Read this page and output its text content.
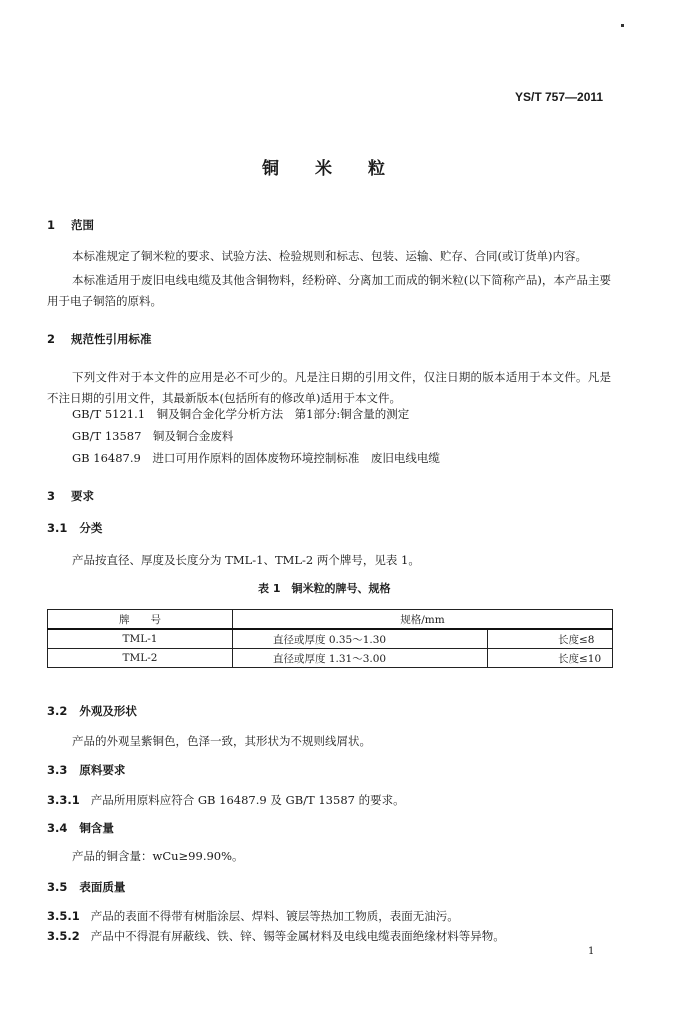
YS/T 757—2011
铜 米 粒
1 范围
本标准规定了铜米粒的要求、试验方法、检验规则和标志、包装、运输、贮存、合同(或订货单)内容。
本标准适用于废旧电线电缆及其他含铜物料，经粉碎、分离加工而成的铜米粒(以下简称产品)，本产品主要用于电子铜箔的原料。
2 规范性引用标准
下列文件对于本文件的应用是必不可少的。凡是注日期的引用文件，仅注日期的版本适用于本文件。凡是不注日期的引用文件，其最新版本(包括所有的修改单)适用于本文件。
GB/T 5121.1　铜及铜合金化学分析方法　第1部分:铜含量的测定
GB/T 13587　铜及铜合金废料
GB 16487.9　进口可用作原料的固体废物环境控制标准　废旧电线电缆
3 要求
3.1 分类
产品按直径、厚度及长度分为 TML-1、TML-2 两个牌号，见表 1。
表 1　铜米粒的牌号、规格
牌　　号	规格/mm	
TML-1	直径或厚度 0.35～1.30	长度≤8
TML-2	直径或厚度 1.31～3.00	长度≤10
3.2 外观及形状
产品的外观呈紫铜色，色泽一致，其形状为不规则线屑状。
3.3 原料要求
3.3.1 产品所用原料应符合 GB 16487.9 及 GB/T 13587 的要求。
3.4 铜含量
产品的铜含量：wCu≥99.90%。
3.5 表面质量
3.5.1 产品的表面不得带有树脂涂层、焊料、镀层等热加工物质，表面无油污。
3.5.2 产品中不得混有屏蔽线、铁、锌、锡等金属材料及电线电缆表面绝缘材料等异物。
1
